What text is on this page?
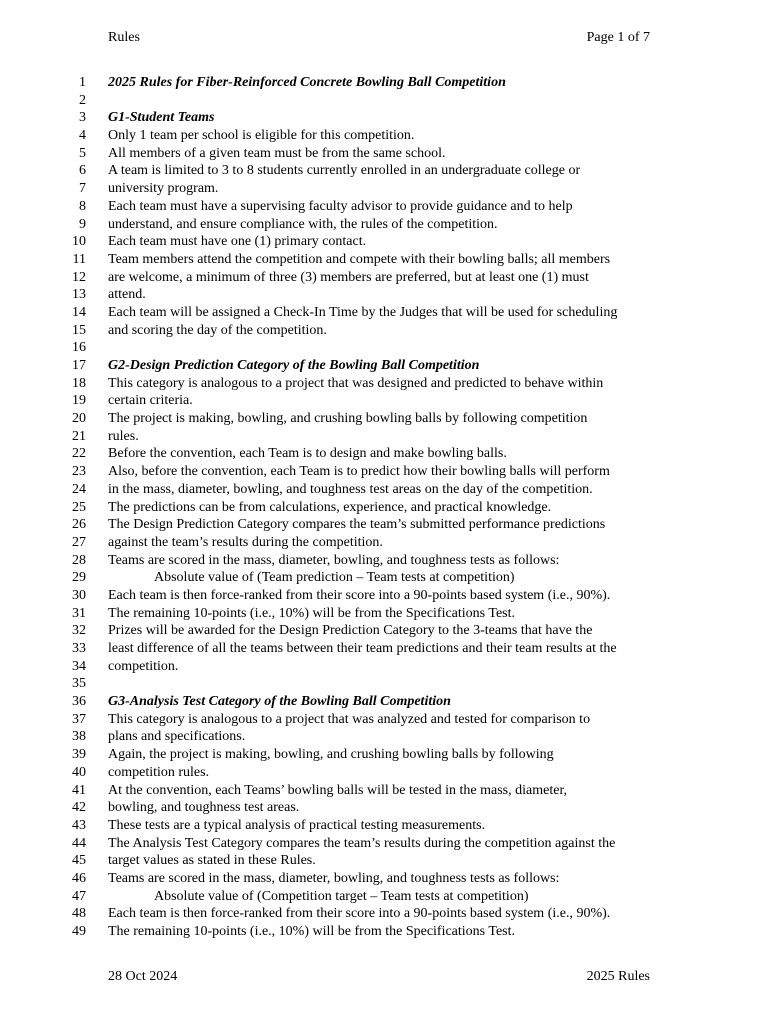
Rules	Page 1 of 7
1 2025 Rules for Fiber-Reinforced Concrete Bowling Ball Competition
2
3 G1-Student Teams
4 Only 1 team per school is eligible for this competition.
5 All members of a given team must be from the same school.
6 A team is limited to 3 to 8 students currently enrolled in an undergraduate college or
7 university program.
8 Each team must have a supervising faculty advisor to provide guidance and to help
9 understand, and ensure compliance with, the rules of the competition.
10 Each team must have one (1) primary contact.
11 Team members attend the competition and compete with their bowling balls; all members
12 are welcome, a minimum of three (3) members are preferred, but at least one (1) must
13 attend.
14 Each team will be assigned a Check-In Time by the Judges that will be used for scheduling
15 and scoring the day of the competition.
16
17 G2-Design Prediction Category of the Bowling Ball Competition
18 This category is analogous to a project that was designed and predicted to behave within
19 certain criteria.
20 The project is making, bowling, and crushing bowling balls by following competition
21 rules.
22 Before the convention, each Team is to design and make bowling balls.
23 Also, before the convention, each Team is to predict how their bowling balls will perform
24 in the mass, diameter, bowling, and toughness test areas on the day of the competition.
25 The predictions can be from calculations, experience, and practical knowledge.
26 The Design Prediction Category compares the team’s submitted performance predictions
27 against the team’s results during the competition.
28 Teams are scored in the mass, diameter, bowling, and toughness tests as follows:
29	Absolute value of (Team prediction – Team tests at competition)
30 Each team is then force-ranked from their score into a 90-points based system (i.e., 90%).
31 The remaining 10-points (i.e., 10%) will be from the Specifications Test.
32 Prizes will be awarded for the Design Prediction Category to the 3-teams that have the
33 least difference of all the teams between their team predictions and their team results at the
34 competition.
35
36 G3-Analysis Test Category of the Bowling Ball Competition
37 This category is analogous to a project that was analyzed and tested for comparison to
38 plans and specifications.
39 Again, the project is making, bowling, and crushing bowling balls by following
40 competition rules.
41 At the convention, each Teams’ bowling balls will be tested in the mass, diameter,
42 bowling, and toughness test areas.
43 These tests are a typical analysis of practical testing measurements.
44 The Analysis Test Category compares the team’s results during the competition against the
45 target values as stated in these Rules.
46 Teams are scored in the mass, diameter, bowling, and toughness tests as follows:
47	Absolute value of (Competition target – Team tests at competition)
48 Each team is then force-ranked from their score into a 90-points based system (i.e., 90%).
49 The remaining 10-points (i.e., 10%) will be from the Specifications Test.
28 Oct 2024	2025 Rules
